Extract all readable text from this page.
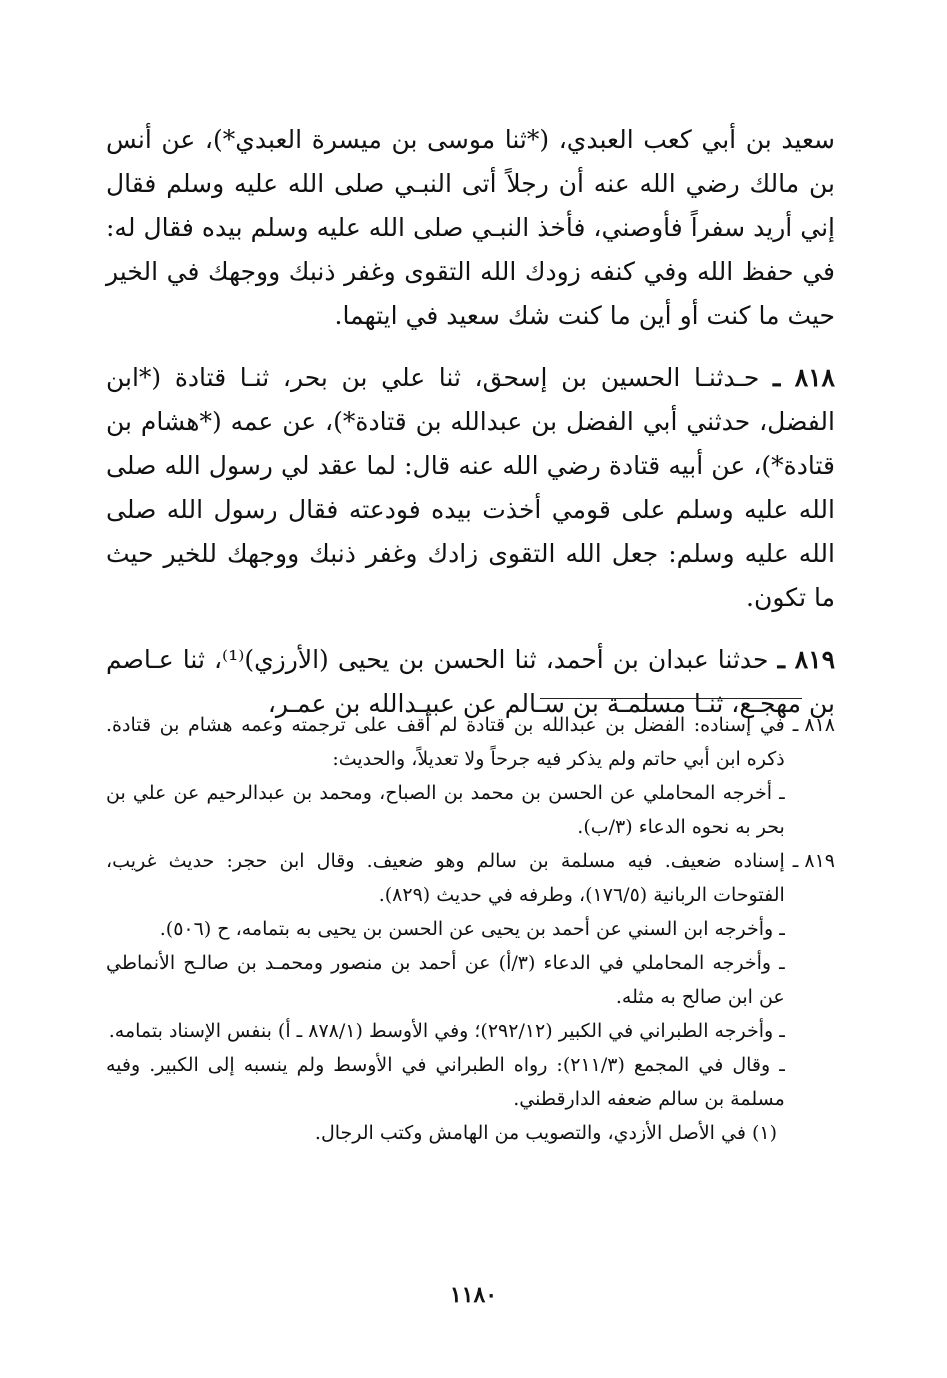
سعيد بن أبي كعب العبدي، (*ثنا موسى بن ميسرة العبدي*)، عن أنس بن مالك رضي الله عنه أن رجلاً أتى النبـي صلى الله عليه وسلم فقال إني أريد سفراً فأوصني، فأخذ النبـي صلى الله عليه وسلم بيده فقال له: في حفظ الله وفي كنفه زودك الله التقوى وغفر ذنبك ووجهك في الخير حيث ما كنت أو أين ما كنت شك سعيد في ايتهما.

٨١٨ ـ حـدثنـا الحسين بن إسحق، ثنا علي بن بحر، ثنـا قتادة (*ابن الفضل، حدثني أبي الفضل بن عبدالله بن قتادة*)، عن عمه (*هشام بن قتادة*)، عن أبيه قتادة رضي الله عنه قال: لما عقد لي رسول الله صلى الله عليه وسلم على قومي أخذت بيده فودعته فقال رسول الله صلى الله عليه وسلم: جعل الله التقوى زادك وغفر ذنبك ووجهك للخير حيث ما تكون.

٨١٩ ـ حدثنا عبدان بن أحمد، ثنا الحسن بن يحيى (الأرزي)⁽¹⁾، ثنا عـاصم بن مهجـع، ثنـا مسلمـة بن سـالم عن عبيـدالله بن عمـر،

٨١٨ ـ

في إسناده: الفضل بن عبدالله بن قتادة لم أقف على ترجمته وعمه هشام بن قتادة. ذكره ابن أبي حاتم ولم يذكر فيه جرحاً ولا تعديلاً، والحديث:

ـ أخرجه المحاملي عن الحسن بن محمد بن الصباح، ومحمد بن عبدالرحيم عن علي بن بحر به نحوه الدعاء (٣/ب).

٨١٩ ـ

إسناده ضعيف. فيه مسلمة بن سالم وهو ضعيف. وقال ابن حجر: حديث غريب، الفتوحات الربانية (١٧٦/٥)، وطرفه في حديث (٨٢٩).

ـ وأخرجه ابن السني عن أحمد بن يحيى عن الحسن بن يحيى به بتمامه، ح (٥٠٦).

ـ وأخرجه المحاملي في الدعاء (٣/أ) عن أحمد بن منصور ومحمـد بن صالـح الأنماطي عن ابن صالح به مثله.

ـ وأخرجه الطبراني في الكبير (٢٩٢/١٢)؛ وفي الأوسط (٨٧٨/١ ـ أ) بنفس الإسناد بتمامه.

ـ وقال في المجمع (٢١١/٣): رواه الطبراني في الأوسط ولم ينسبه إلى الكبير. وفيه مسلمة بن سالم ضعفه الدارقطني.

(١) في الأصل الأزدي، والتصويب من الهامش وكتب الرجال.

١١٨٠
